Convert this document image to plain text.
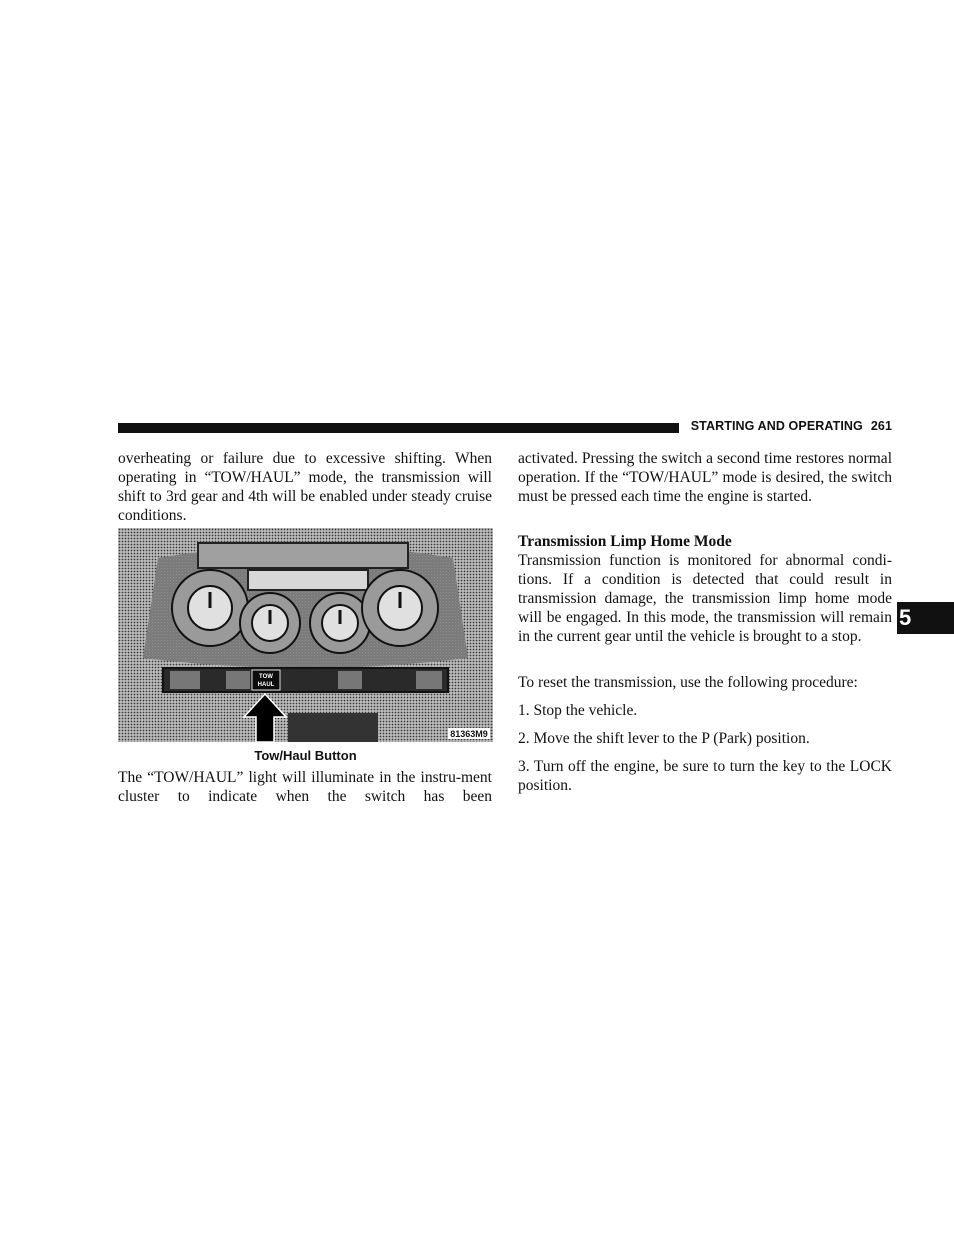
STARTING AND OPERATING 261
5

overheating or failure due to excessive shifting. When operating in “TOW/HAUL” mode, the transmission will shift to 3rd gear and 4th will be enabled under steady cruise conditions.

TOW
HAUL
81363M9
Tow/Haul Button

The “TOW/HAUL” light will illuminate in the instru-ment cluster to indicate when the switch has been

activated. Pressing the switch a second time restores normal operation. If the “TOW/HAUL” mode is desired, the switch must be pressed each time the engine is started.

Transmission Limp Home Mode

Transmission function is monitored for abnormal condi-tions. If a condition is detected that could result in transmission damage, the transmission limp home mode will be engaged. In this mode, the transmission will remain in the current gear until the vehicle is brought to a stop.

To reset the transmission, use the following procedure:

1. Stop the vehicle.

2. Move the shift lever to the P (Park) position.

3. Turn off the engine, be sure to turn the key to the LOCK position.
